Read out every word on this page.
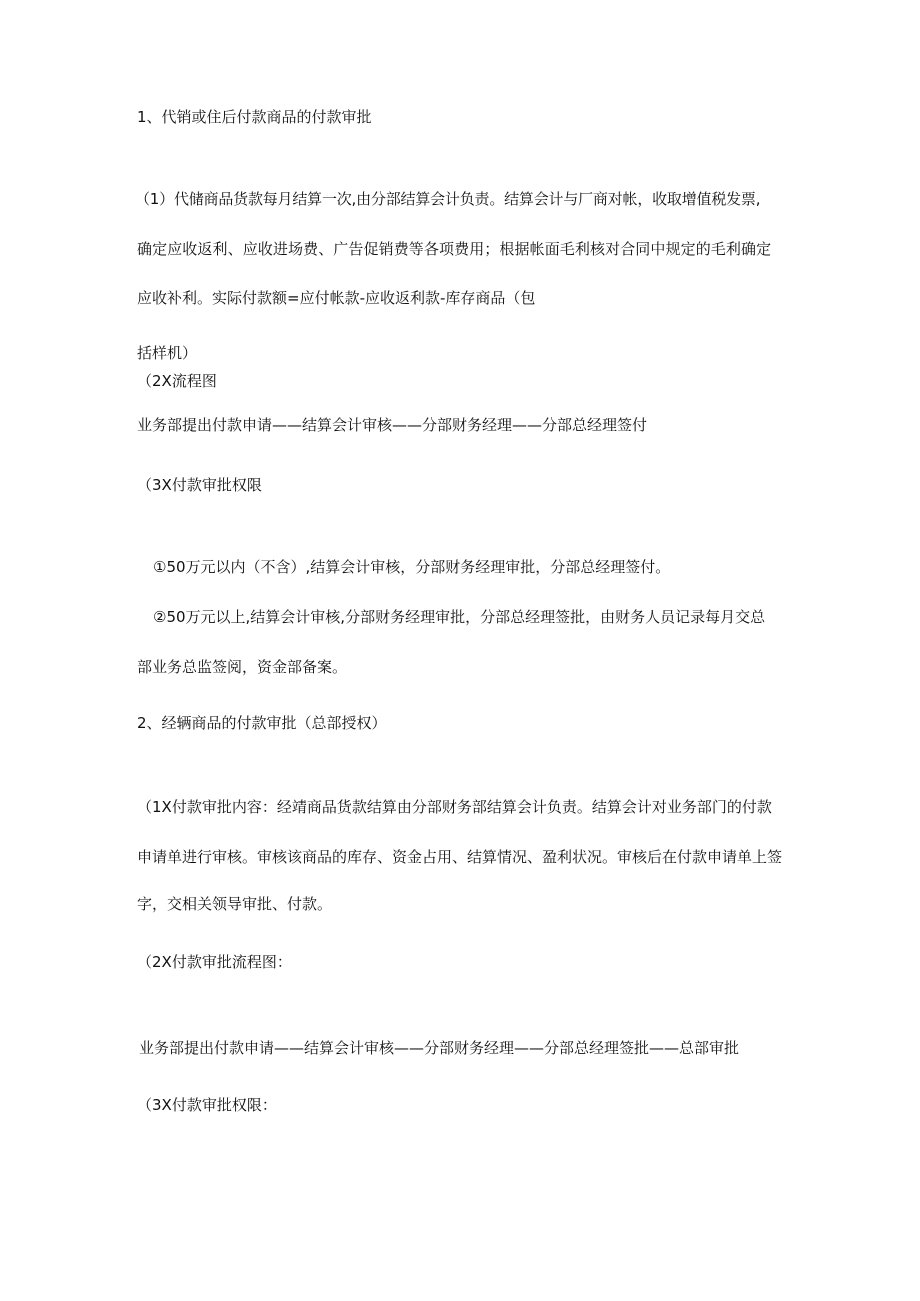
1、代销或住后付款商品的付款审批
（1）代储商品货款每月结算一次,由分部结算会计负责。结算会计与厂商对帐，收取增值税发票,
确定应收返利、应收进场费、广告促销费等各项费用；根据帐面毛利核对合同中规定的毛利确定
应收补利。实际付款额=应付帐款-应收返利款-库存商品（包
括样机）
（2X流程图
业务部提出付款申请——结算会计审核——分部财务经理——分部总经理签付
（3X付款审批权限
①50万元以内（不含）,结算会计审核，分部财务经理审批，分部总经理签付。
②50万元以上,结算会计审核,分部财务经理审批，分部总经理签批，由财务人员记录每月交总
部业务总监签阅，资金部备案。
2、经辆商品的付款审批（总部授权）
（1X付款审批内容：经靖商品货款结算由分部财务部结算会计负责。结算会计对业务部门的付款
申请单进行审核。审核该商品的库存、资金占用、结算情况、盈利状况。审核后在付款申请单上签
字，交相关领导审批、付款。
（2X付款审批流程图：
业务部提出付款申请——结算会计审核——分部财务经理——分部总经理签批——总部审批
（3X付款审批权限：
